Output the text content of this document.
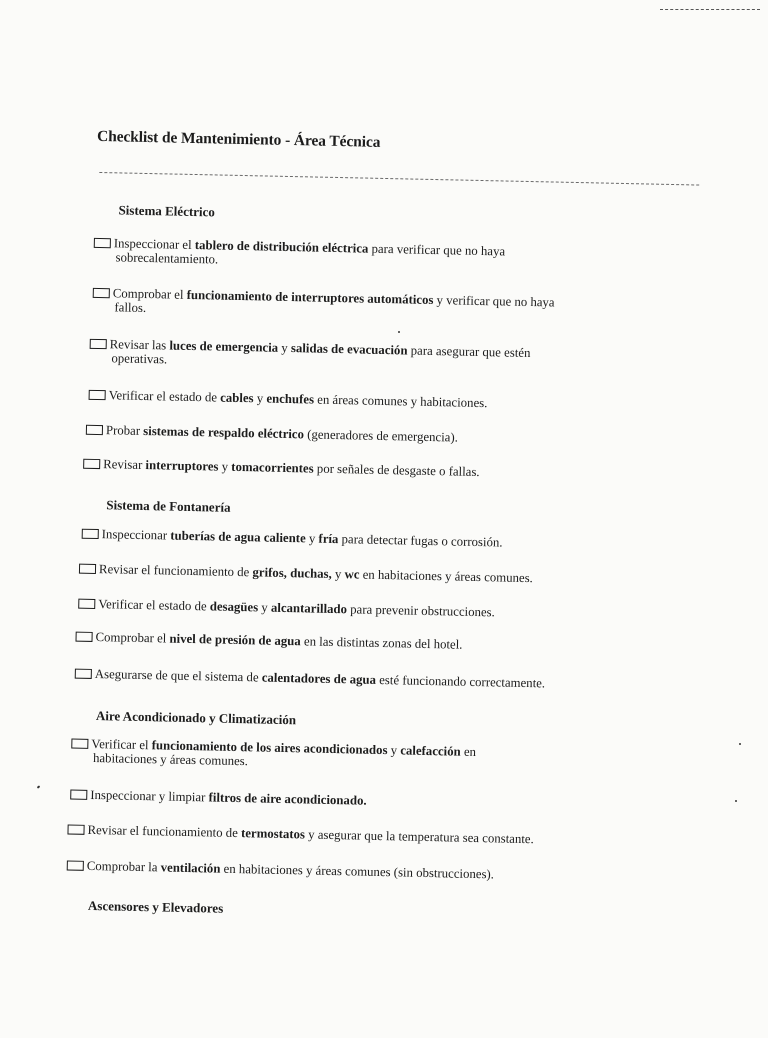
Checklist de Mantenimiento - Área Técnica
Sistema Eléctrico
Inspeccionar el tablero de distribución eléctrica para verificar que no haya
sobrecalentamiento.
Comprobar el funcionamiento de interruptores automáticos y verificar que no haya
fallos.
Revisar las luces de emergencia y salidas de evacuación para asegurar que estén
operativas.
Verificar el estado de cables y enchufes en áreas comunes y habitaciones.
Probar sistemas de respaldo eléctrico (generadores de emergencia).
Revisar interruptores y tomacorrientes por señales de desgaste o fallas.
Sistema de Fontanería
Inspeccionar tuberías de agua caliente y fría para detectar fugas o corrosión.
Revisar el funcionamiento de grifos, duchas, y wc en habitaciones y áreas comunes.
Verificar el estado de desagües y alcantarillado para prevenir obstrucciones.
Comprobar el nivel de presión de agua en las distintas zonas del hotel.
Asegurarse de que el sistema de calentadores de agua esté funcionando correctamente.
Aire Acondicionado y Climatización
Verificar el funcionamiento de los aires acondicionados y calefacción en
habitaciones y áreas comunes.
Inspeccionar y limpiar filtros de aire acondicionado.
Revisar el funcionamiento de termostatos y asegurar que la temperatura sea constante.
Comprobar la ventilación en habitaciones y áreas comunes (sin obstrucciones).
Ascensores y Elevadores
